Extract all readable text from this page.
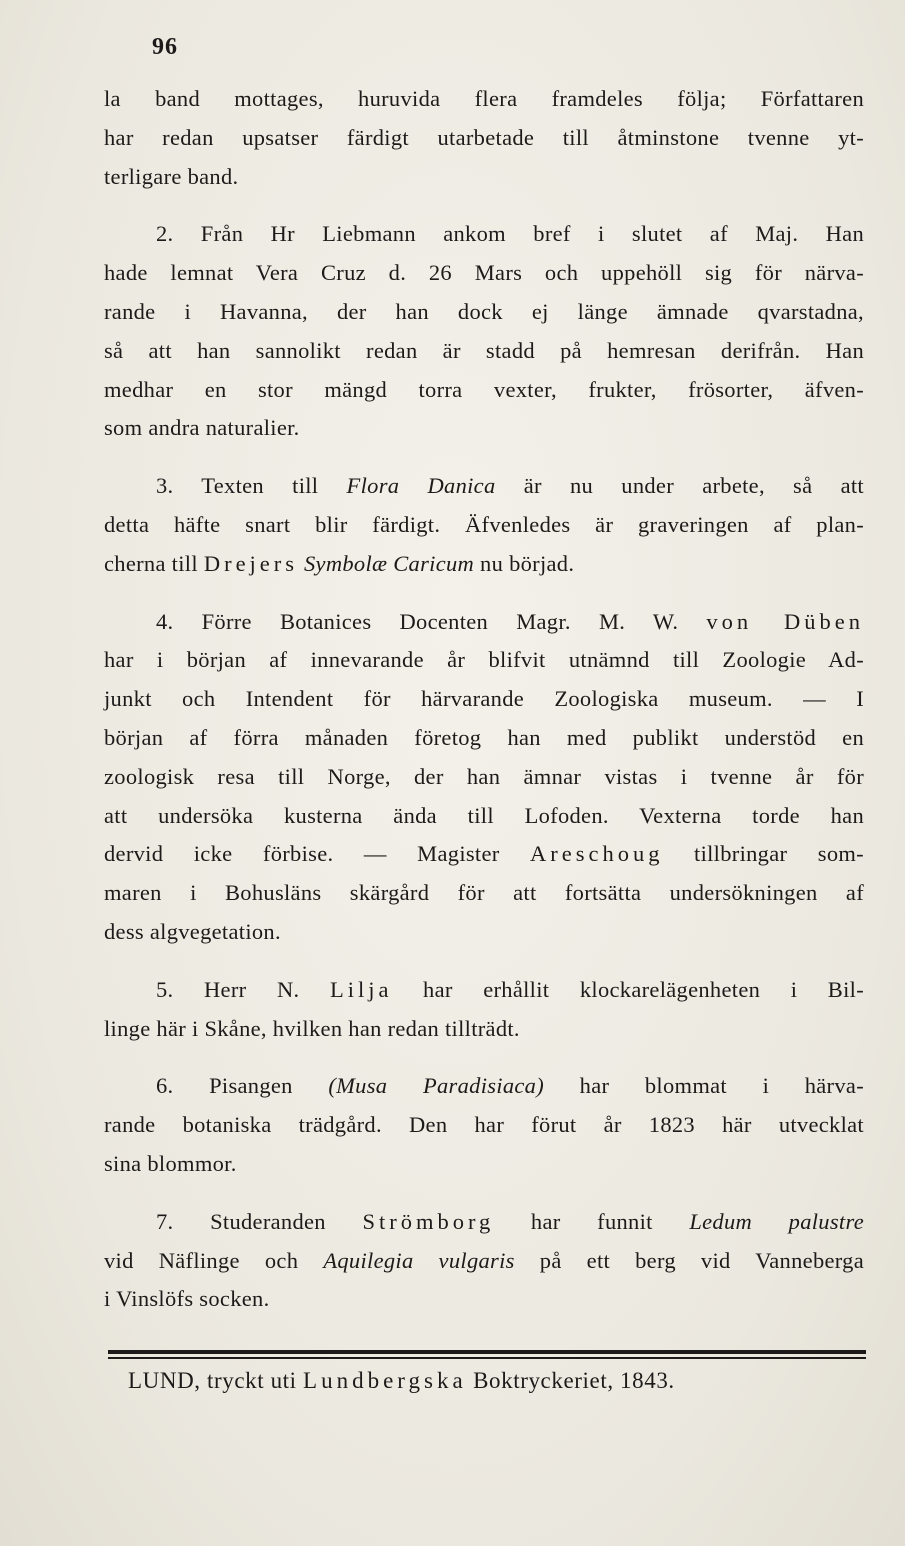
96
la band mottages, huruvida flera framdeles följa; Författaren
har redan upsatser färdigt utarbetade till åtminstone tvenne yt-
terligare band.
2. Från Hr Liebmann ankom bref i slutet af Maj. Han
hade lemnat Vera Cruz d. 26 Mars och uppehöll sig för närva-
rande i Havanna, der han dock ej länge ämnade qvarstadna,
så att han sannolikt redan är stadd på hemresan derifrån. Han
medhar en stor mängd torra vexter, frukter, frösorter, äfven-
som andra naturalier.
3. Texten till Flora Danica är nu under arbete, så att
detta häfte snart blir färdigt. Äfvenledes är graveringen af plan-
cherna till Drejers Symbolæ Caricum nu börjad.
4. Förre Botanices Docenten Magr. M. W. von Düben
har i början af innevarande år blifvit utnämnd till Zoologie Ad-
junkt och Intendent för härvarande Zoologiska museum. — I
början af förra månaden företog han med publikt understöd en
zoologisk resa till Norge, der han ämnar vistas i tvenne år för
att undersöka kusterna ända till Lofoden. Vexterna torde han
dervid icke förbise. — Magister Areschoug tillbringar som-
maren i Bohusläns skärgård för att fortsätta undersökningen af
dess algvegetation.
5. Herr N. Lilja har erhållit klockarelägenheten i Bil-
linge här i Skåne, hvilken han redan tillträdt.
6. Pisangen (Musa Paradisiaca) har blommat i härva-
rande botaniska trädgård. Den har förut år 1823 här utvecklat
sina blommor.
7. Studeranden Strömborg har funnit Ledum palustre
vid Näflinge och Aquilegia vulgaris på ett berg vid Vanneberga
i Vinslöfs socken.
LUND, tryckt uti Lundbergska Boktryckeriet, 1843.
